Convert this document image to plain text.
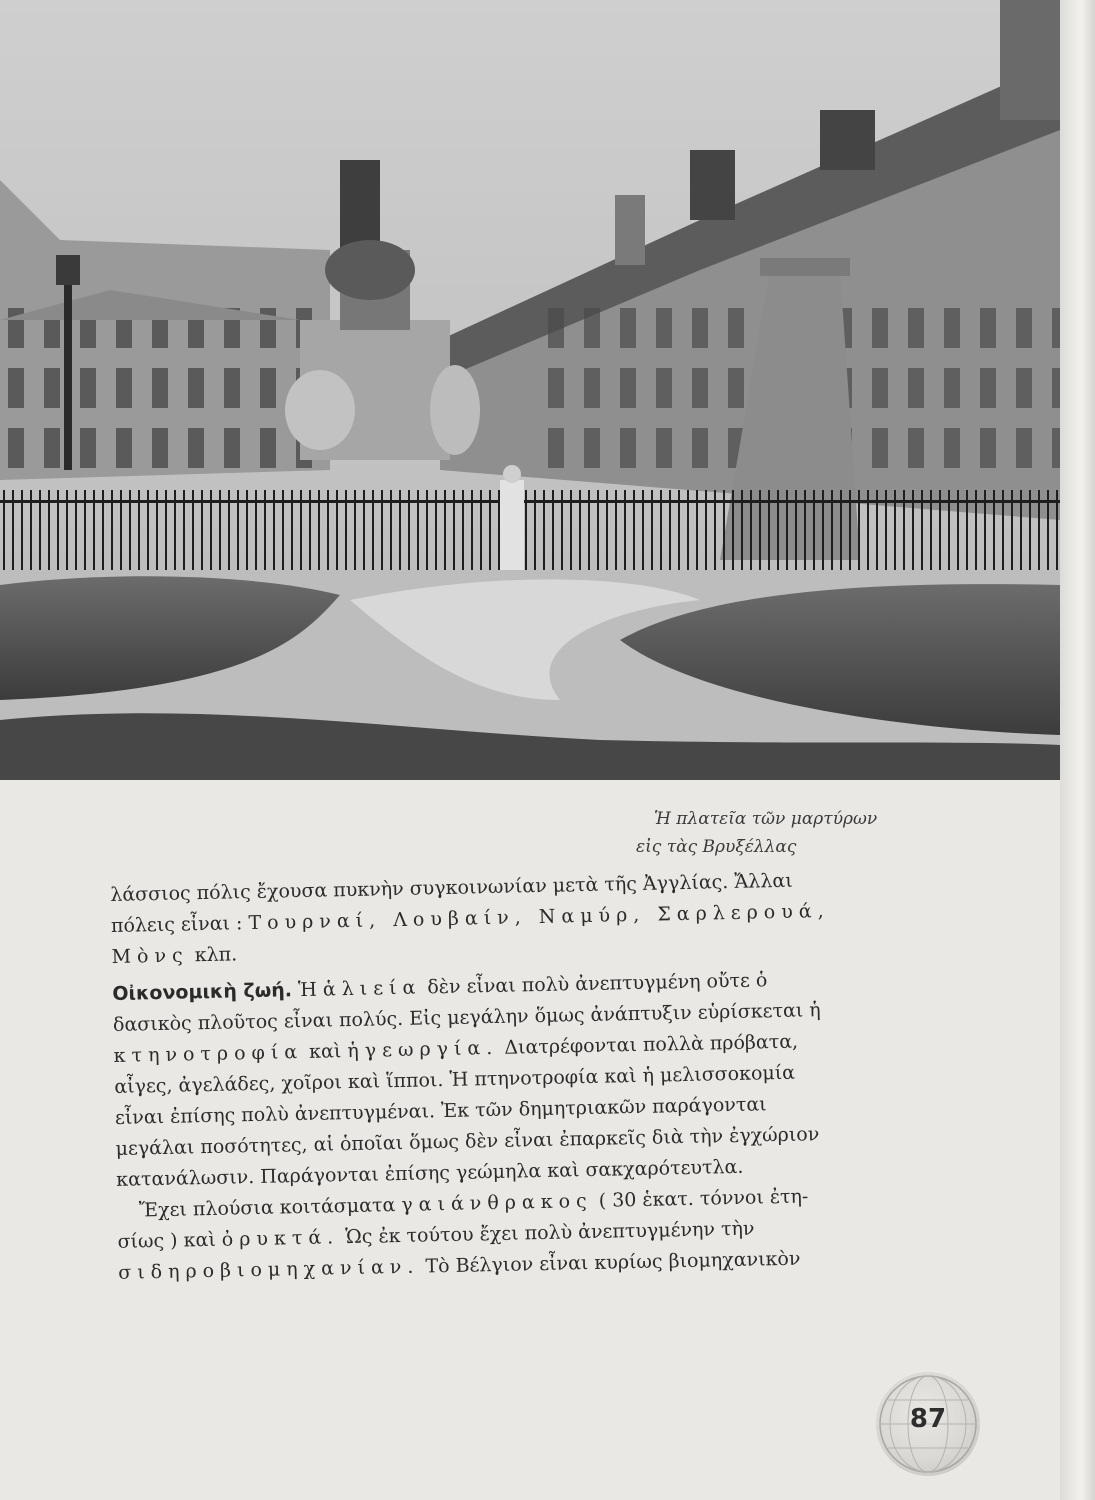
Ἡ πλατεῖα τῶν μαρτύρων
εἰς τὰς Βρυξέλλας
λάσσιος πόλις ἔχουσα πυκνὴν συγκοινωνίαν μετὰ τῆς Ἀγγλίας. Ἄλλαι
πόλεις εἶναι : Τουρναί, Λουβαίν, Ναμύρ, Σαρλερουά,
Μὸνς κλπ.
Οἰκονομικὴ ζωή. Ἡ ἁλιεία δὲν εἶναι πολὺ ἀνεπτυγμένη οὔτε ὁ
δασικὸς πλοῦτος εἶναι πολύς. Εἰς μεγάλην ὅμως ἀνάπτυξιν εὑρίσκεται ἡ
κτηνοτροφία καὶ ἡ γεωργία. Διατρέφονται πολλὰ πρόβατα,
αἶγες, ἀγελάδες, χοῖροι καὶ ἵπποι. Ἡ πτηνοτροφία καὶ ἡ μελισσοκομία
εἶναι ἐπίσης πολὺ ἀνεπτυγμέναι. Ἐκ τῶν δημητριακῶν παράγονται
μεγάλαι ποσότητες, αἱ ὁποῖαι ὅμως δὲν εἶναι ἐπαρκεῖς διὰ τὴν ἐγχώριον
κατανάλωσιν. Παράγονται ἐπίσης γεώμηλα καὶ σακχαρότευτλα.
Ἔχει πλούσια κοιτάσματα γαιάνθρακος ( 30 ἑκατ. τόννοι ἐτη-
σίως ) καὶ ὀρυκτά. Ὡς ἐκ τούτου ἔχει πολὺ ἀνεπτυγμένην τὴν
σιδηροβιομηχανίαν. Τὸ Βέλγιον εἶναι κυρίως βιομηχανικὸν
87
